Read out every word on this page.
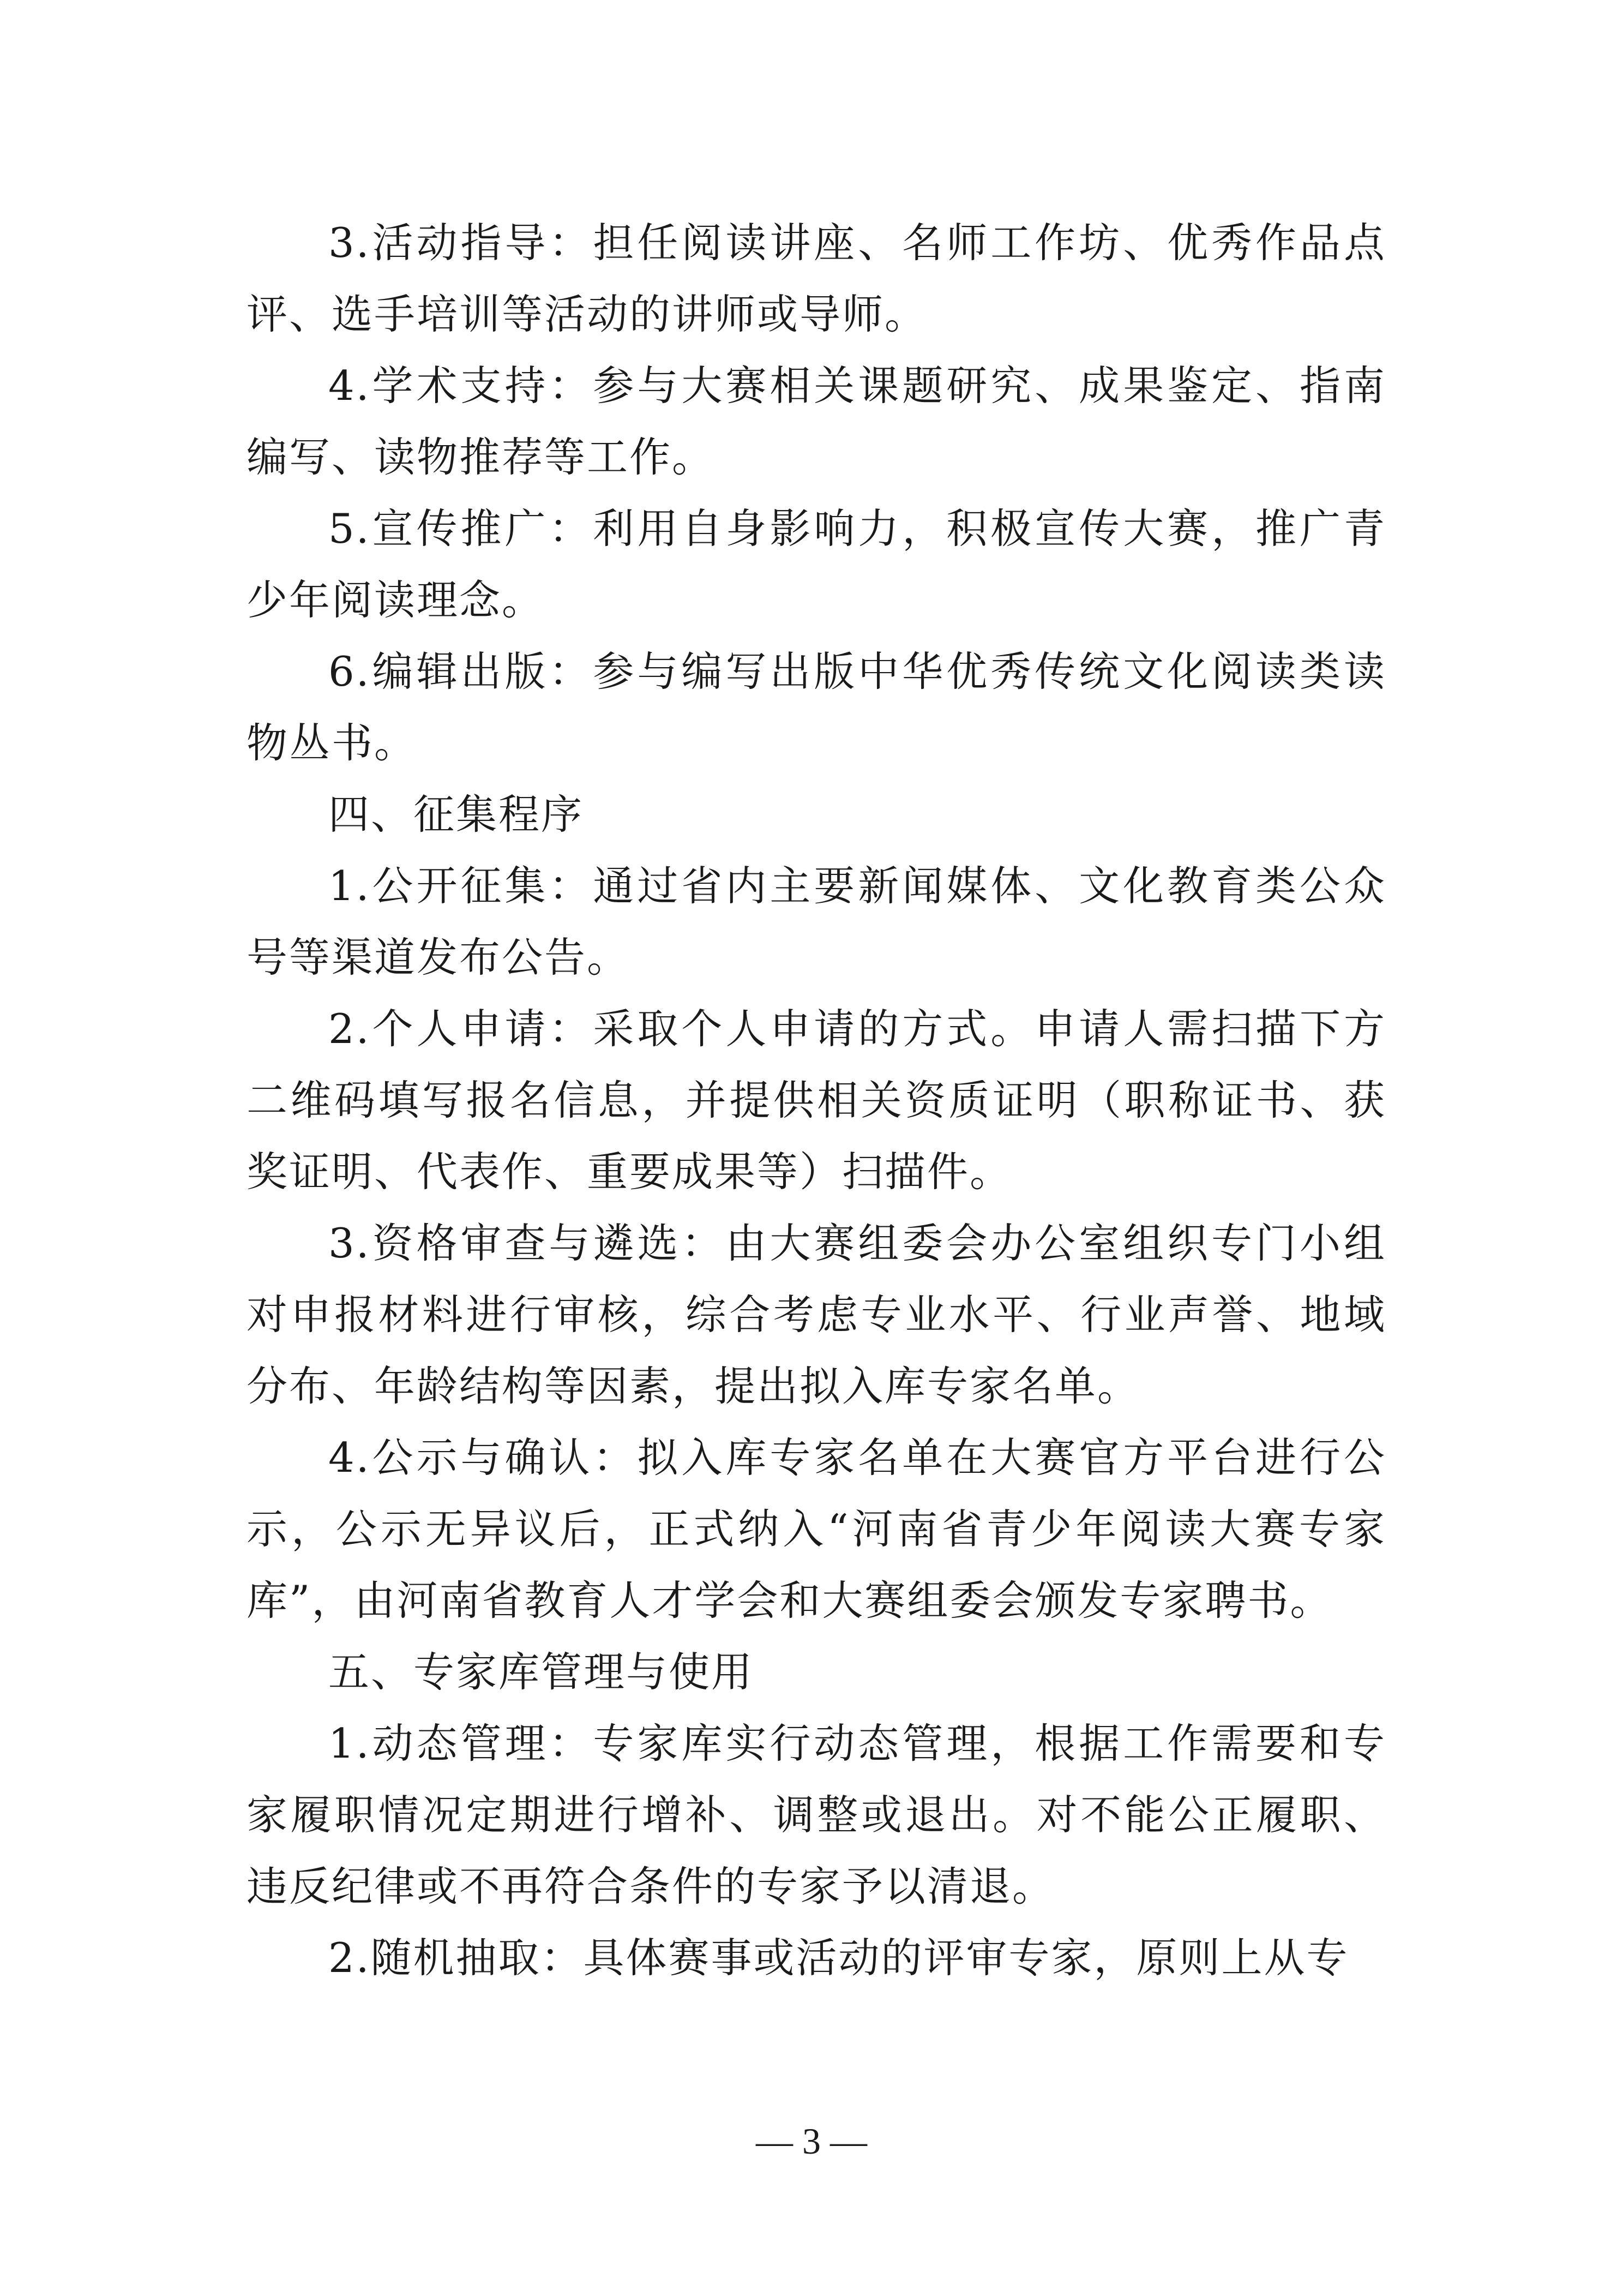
3.活动指导：担任阅读讲座、名师工作坊、优秀作品点评、选手培训等活动的讲师或导师。

4.学术支持：参与大赛相关课题研究、成果鉴定、指南编写、读物推荐等工作。

5.宣传推广：利用自身影响力，积极宣传大赛，推广青少年阅读理念。

6.编辑出版：参与编写出版中华优秀传统文化阅读类读物丛书。

四、征集程序

1.公开征集：通过省内主要新闻媒体、文化教育类公众号等渠道发布公告。

2.个人申请：采取个人申请的方式。申请人需扫描下方二维码填写报名信息，并提供相关资质证明（职称证书、获奖证明、代表作、重要成果等）扫描件。

3.资格审查与遴选：由大赛组委会办公室组织专门小组对申报材料进行审核，综合考虑专业水平、行业声誉、地域分布、年龄结构等因素，提出拟入库专家名单。

4.公示与确认：拟入库专家名单在大赛官方平台进行公示，公示无异议后，正式纳入“河南省青少年阅读大赛专家库”，由河南省教育人才学会和大赛组委会颁发专家聘书。

五、专家库管理与使用

1.动态管理：专家库实行动态管理，根据工作需要和专家履职情况定期进行增补、调整或退出。对不能公正履职、违反纪律或不再符合条件的专家予以清退。

2.随机抽取：具体赛事或活动的评审专家，原则上从专

— 3 —
